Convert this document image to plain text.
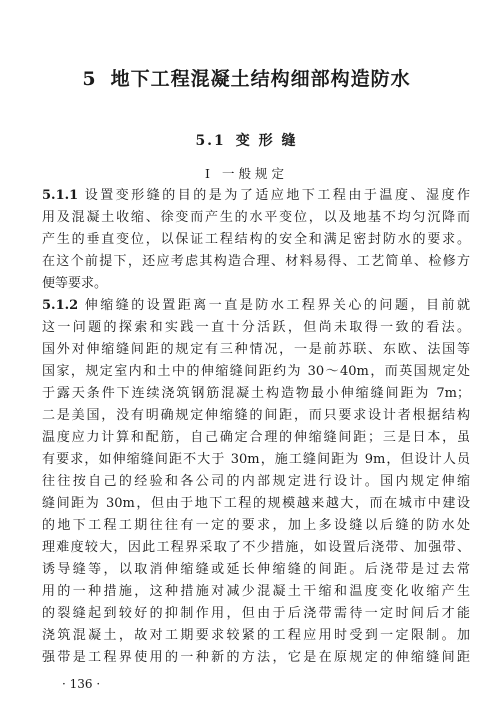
5 地下工程混凝土结构细部构造防水
5.1 变 形 缝
Ⅰ 一般规定
5.1.1 设置变形缝的目的是为了适应地下工程由于温度、湿度作
用及混凝土收缩、徐变而产生的水平变位，以及地基不均匀沉降而
产生的垂直变位，以保证工程结构的安全和满足密封防水的要求。
在这个前提下，还应考虑其构造合理、材料易得、工艺简单、检修方
便等要求。
5.1.2 伸缩缝的设置距离一直是防水工程界关心的问题，目前就
这一问题的探索和实践一直十分活跃，但尚未取得一致的看法。
国外对伸缩缝间距的规定有三种情况，一是前苏联、东欧、法国等
国家，规定室内和土中的伸缩缝间距约为 30～40m，而英国规定处
于露天条件下连续浇筑钢筋混凝土构造物最小伸缩缝间距为 7m；
二是美国，没有明确规定伸缩缝的间距，而只要求设计者根据结构
温度应力计算和配筋，自己确定合理的伸缩缝间距；三是日本，虽
有要求，如伸缩缝间距不大于 30m，施工缝间距为 9m，但设计人员
往往按自己的经验和各公司的内部规定进行设计。国内规定伸缩
缝间距为 30m，但由于地下工程的规模越来越大，而在城市中建设
的地下工程工期往往有一定的要求，加上多设缝以后缝的防水处
理难度较大，因此工程界采取了不少措施，如设置后浇带、加强带、
诱导缝等，以取消伸缩缝或延长伸缩缝的间距。后浇带是过去常
用的一种措施，这种措施对减少混凝土干缩和温度变化收缩产生
的裂缝起到较好的抑制作用，但由于后浇带需待一定时间后才能
浇筑混凝土，故对工期要求较紧的工程应用时受到一定限制。加
强带是工程界使用的一种新的方法，它是在原规定的伸缩缝间距
· 136 ·
